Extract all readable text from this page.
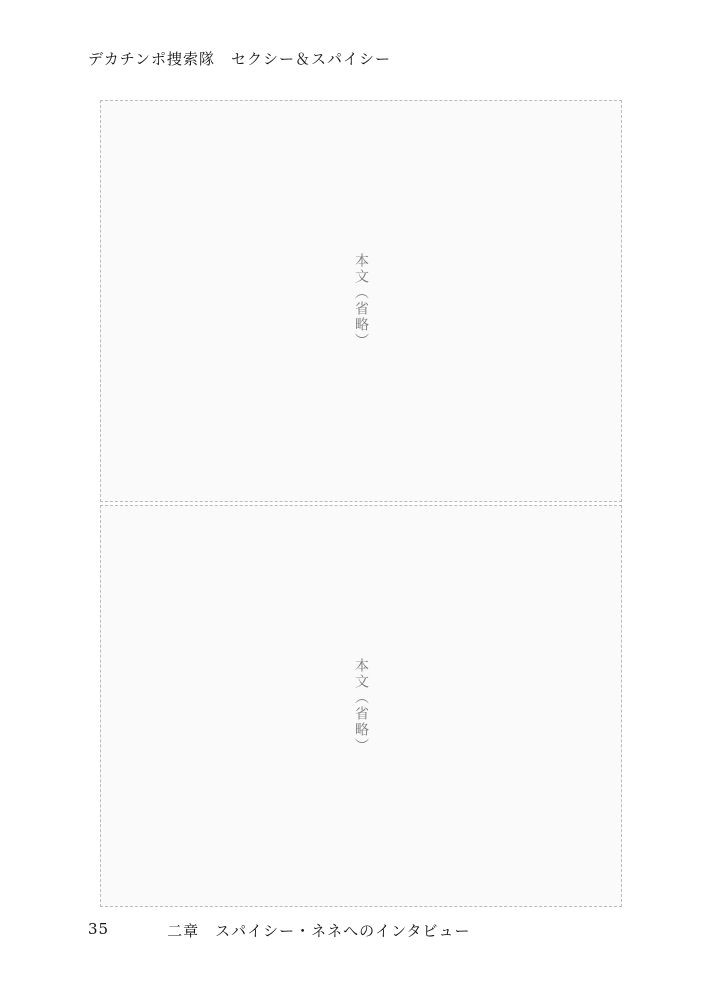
デカチンポ捜索隊　セクシー＆スパイシー
本文（省略）
本文（省略）
35	二章　スパイシー・ネネへのインタビュー
